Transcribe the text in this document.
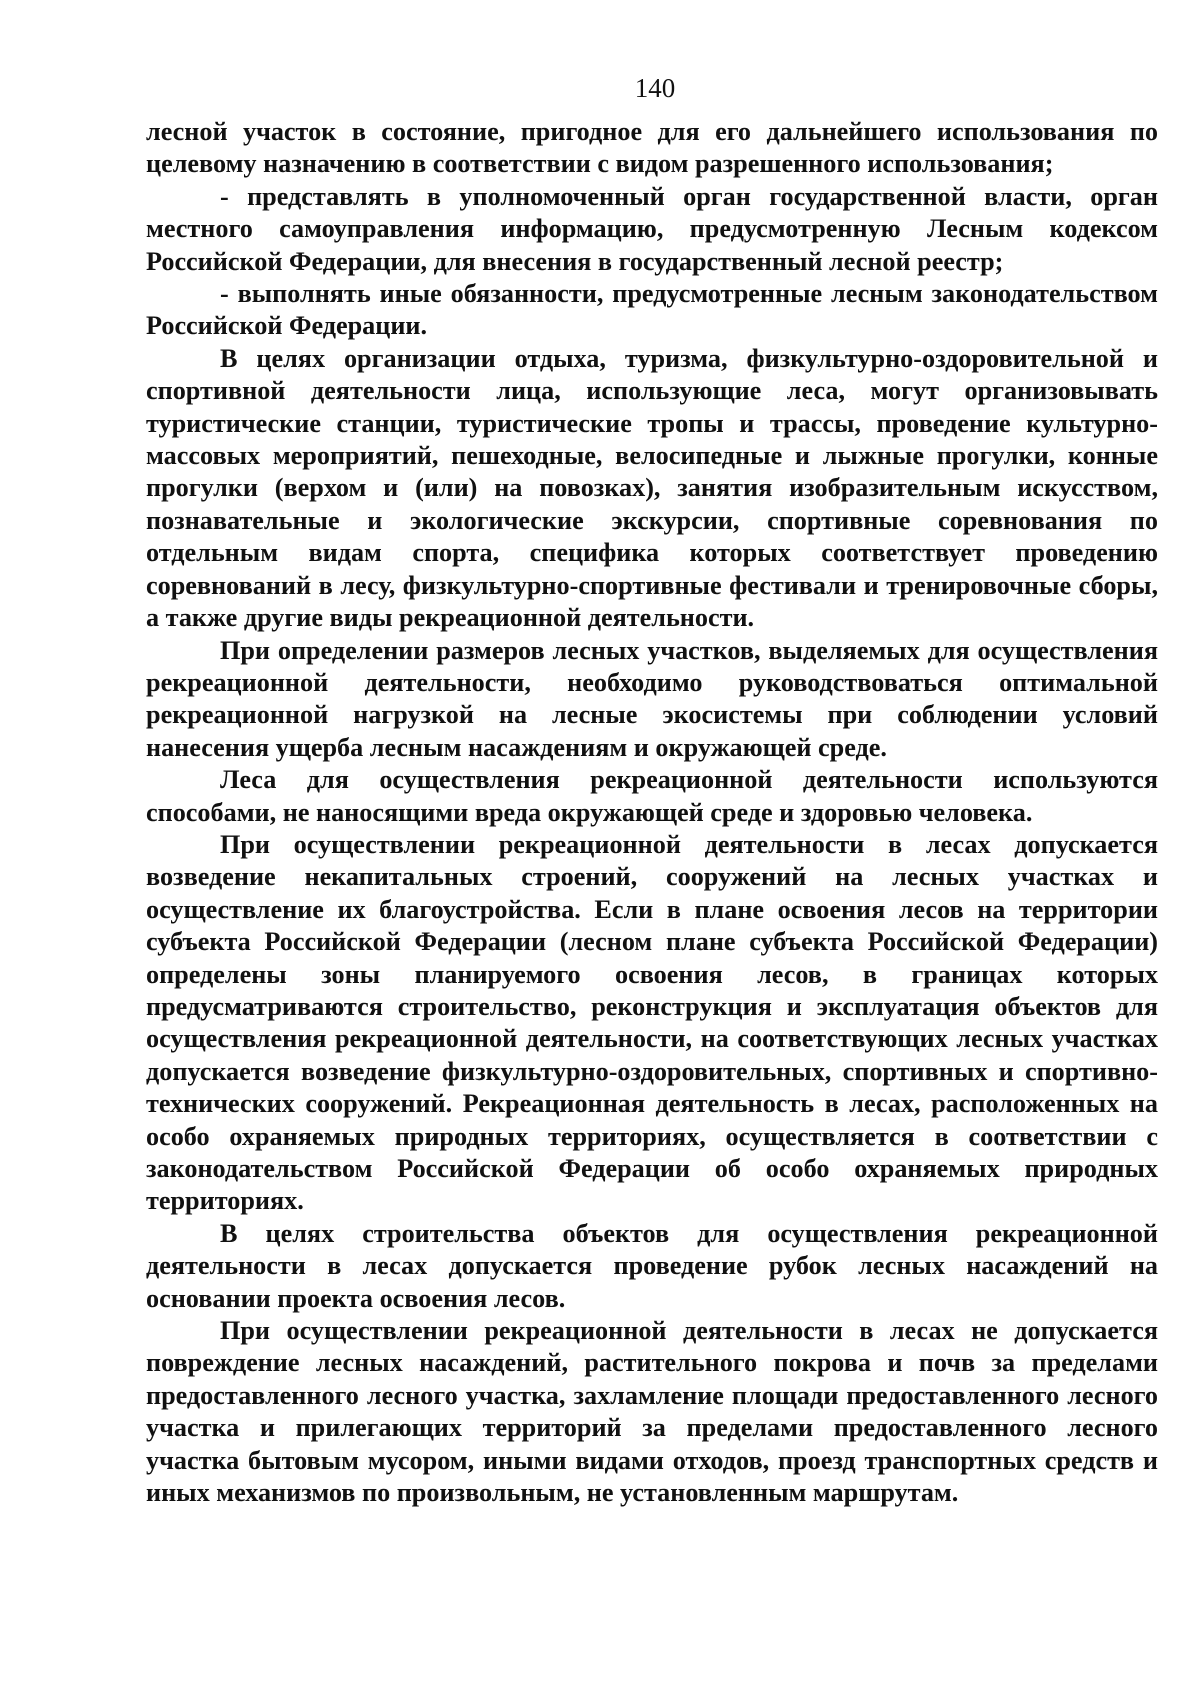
140

лесной участок в состояние, пригодное для его дальнейшего использования по целевому назначению в соответствии с видом разрешенного использования;

- представлять в уполномоченный орган государственной власти, орган местного самоуправления информацию, предусмотренную Лесным кодексом Российской Федерации, для внесения в государственный лесной реестр;

- выполнять иные обязанности, предусмотренные лесным законодательством Российской Федерации.

В целях организации отдыха, туризма, физкультурно-оздоровительной и спортивной деятельности лица, использующие леса, могут организовывать туристические станции, туристические тропы и трассы, проведение культурно-массовых мероприятий, пешеходные, велосипедные и лыжные прогулки, конные прогулки (верхом и (или) на повозках), занятия изобразительным искусством, познавательные и экологические экскурсии, спортивные соревнования по отдельным видам спорта, специфика которых соответствует проведению соревнований в лесу, физкультурно-спортивные фестивали и тренировочные сборы, а также другие виды рекреационной деятельности.

При определении размеров лесных участков, выделяемых для осуществления рекреационной деятельности, необходимо руководствоваться оптимальной рекреационной нагрузкой на лесные экосистемы при соблюдении условий нанесения ущерба лесным насаждениям и окружающей среде.

Леса для осуществления рекреационной деятельности используются способами, не наносящими вреда окружающей среде и здоровью человека.

При осуществлении рекреационной деятельности в лесах допускается возведение некапитальных строений, сооружений на лесных участках и осуществление их благоустройства. Если в плане освоения лесов на территории субъекта Российской Федерации (лесном плане субъекта Российской Федерации) определены зоны планируемого освоения лесов, в границах которых предусматриваются строительство, реконструкция и эксплуатация объектов для осуществления рекреационной деятельности, на соответствующих лесных участках допускается возведение физкультурно-оздоровительных, спортивных и спортивно-технических сооружений. Рекреационная деятельность в лесах, расположенных на особо охраняемых природных территориях, осуществляется в соответствии с законодательством Российской Федерации об особо охраняемых природных территориях.

В целях строительства объектов для осуществления рекреационной деятельности в лесах допускается проведение рубок лесных насаждений на основании проекта освоения лесов.

При осуществлении рекреационной деятельности в лесах не допускается повреждение лесных насаждений, растительного покрова и почв за пределами предоставленного лесного участка, захламление площади предоставленного лесного участка и прилегающих территорий за пределами предоставленного лесного участка бытовым мусором, иными видами отходов, проезд транспортных средств и иных механизмов по произвольным, не установленным маршрутам.
